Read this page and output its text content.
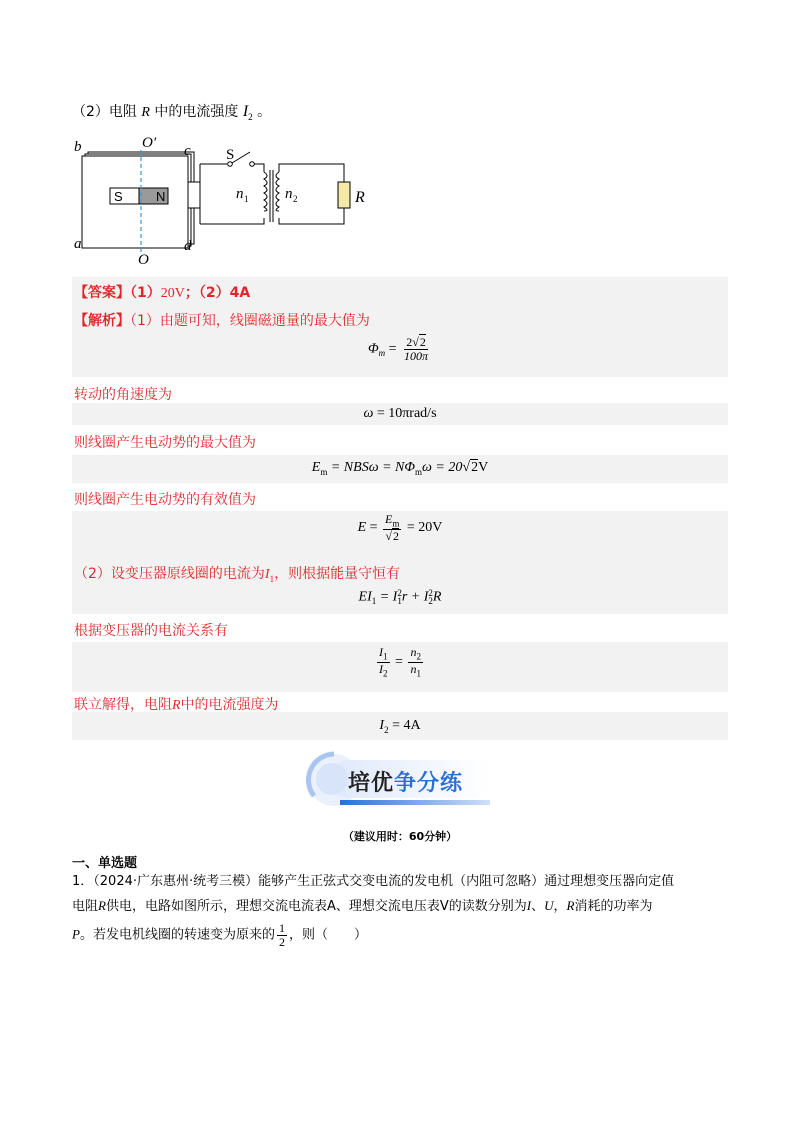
（2）电阻 R 中的电流强度 $I_2$ 。
S	N
b	c
a	d
O′
O
S
R
n 1 n 2
【答案】（1）20V；（2）4A
【解析】（1）由题可知，线圈磁通量的最大值为
$\Phi_m = \frac{2√2}{100\pi}$
转动的角速度为
ω = 10πrad/s
则线圈产生电动势的最大值为
$E_m = NBS\omega = N\Phi_m\omega = 20√2V$
则线圈产生电动势的有效值为
$E = \frac{E_m}{√2} = 20V$
（2）设变压器原线圈的电流为$I_1$，则根据能量守恒有
$EI_1 = I$ 2
1 r + I 2
2 R
根据变压器的电流关系有
$\frac{I_1}{I_2} = \frac{n_2}{n_1}$
联立解得，电阻R中的电流强度为
$I_2 = 4A$
培优争分练
（建议用时：60分钟）
一、单选题
1．（2024·广东惠州·统考三模）能够产生正弦式交变电流的发电机（内阻可忽略）通过理想变压器向定值
电阻R供电，电路如图所示，理想交流电流表A、理想交流电压表V的读数分别为I、U，R消耗的功率为
P。若发电机线圈的转速变为原来的 $\frac{1}{2}$ ，则（　　）
